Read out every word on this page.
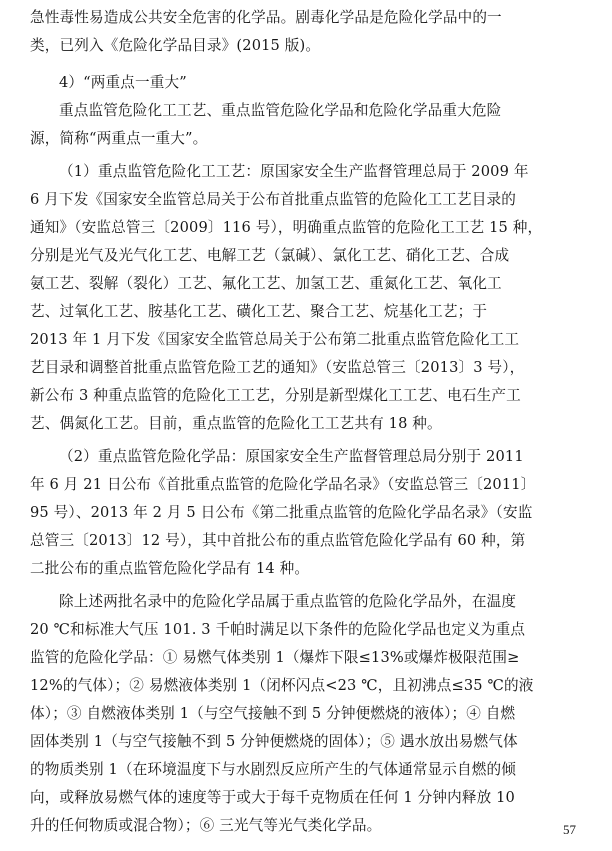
急性毒性易造成公共安全危害的化学品。剧毒化学品是危险化学品中的一
类，已列入《危险化学品目录》(2015 版)。
4）“两重点一重大”
重点监管危险化工工艺、重点监管危险化学品和危险化学品重大危险
源，简称“两重点一重大”。
（1）重点监管危险化工工艺：原国家安全生产监督管理总局于 2009 年
6 月下发《国家安全监管总局关于公布首批重点监管的危险化工工艺目录的
通知》（安监总管三〔2009〕116 号），明确重点监管的危险化工工艺 15 种，
分别是光气及光气化工艺、电解工艺（氯碱）、氯化工艺、硝化工艺、合成
氨工艺、裂解（裂化）工艺、氟化工艺、加氢工艺、重氮化工艺、氧化工
艺、过氧化工艺、胺基化工艺、磺化工艺、聚合工艺、烷基化工艺；于
2013 年 1 月下发《国家安全监管总局关于公布第二批重点监管危险化工工
艺目录和调整首批重点监管危险工艺的通知》（安监总管三〔2013〕3 号），
新公布 3 种重点监管的危险化工工艺，分别是新型煤化工工艺、电石生产工
艺、偶氮化工艺。目前，重点监管的危险化工工艺共有 18 种。
（2）重点监管危险化学品：原国家安全生产监督管理总局分别于 2011
年 6 月 21 日公布《首批重点监管的危险化学品名录》（安监总管三〔2011〕
95 号）、2013 年 2 月 5 日公布《第二批重点监管的危险化学品名录》（安监
总管三〔2013〕12 号），其中首批公布的重点监管危险化学品有 60 种，第
二批公布的重点监管危险化学品有 14 种。
除上述两批名录中的危险化学品属于重点监管的危险化学品外，在温度
20 ℃和标准大气压 101. 3 千帕时满足以下条件的危险化学品也定义为重点
监管的危险化学品：① 易燃气体类别 1（爆炸下限≤13%或爆炸极限范围≥
12%的气体）；② 易燃液体类别 1（闭杯闪点<23 ℃，且初沸点≤35 ℃的液
体）；③ 自燃液体类别 1（与空气接触不到 5 分钟便燃烧的液体）；④ 自燃
固体类别 1（与空气接触不到 5 分钟便燃烧的固体）；⑤ 遇水放出易燃气体
的物质类别 1（在环境温度下与水剧烈反应所产生的气体通常显示自燃的倾
向，或释放易燃气体的速度等于或大于每千克物质在任何 1 分钟内释放 10
升的任何物质或混合物）；⑥ 三光气等光气类化学品。	57
